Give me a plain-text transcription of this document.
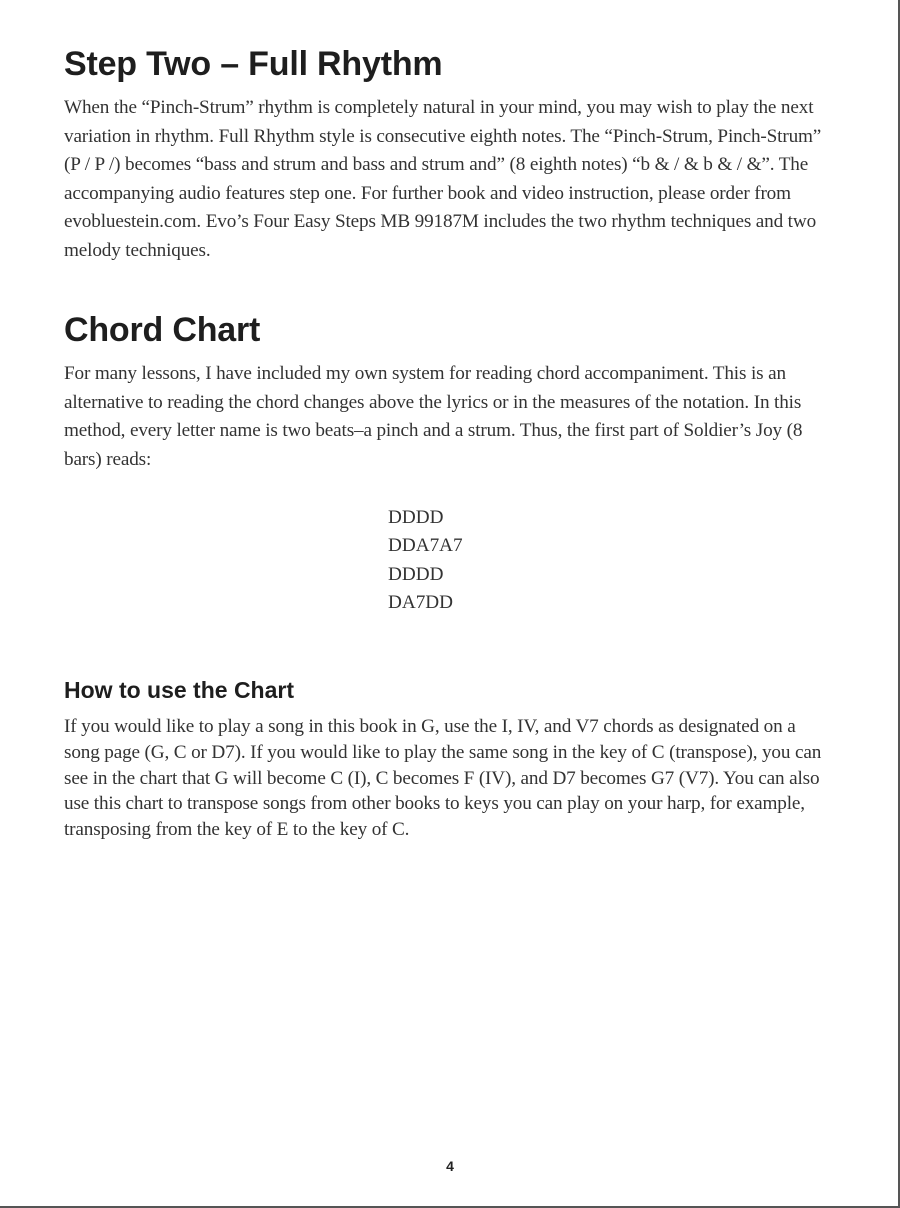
Step Two – Full Rhythm

When the “Pinch-Strum” rhythm is completely natural in your mind, you may wish to play the next variation in rhythm. Full Rhythm style is consecutive eighth notes. The “Pinch-Strum, Pinch-Strum” (P / P /) becomes “bass and strum and bass and strum and” (8 eighth notes) “b & / & b & / &”. The accompanying audio features step one. For further book and video instruction, please order from evobluestein.com. Evo’s Four Easy Steps MB 99187M includes the two rhythm techniques and two melody techniques.

Chord Chart

For many lessons, I have included my own system for reading chord accompaniment. This is an alternative to reading the chord changes above the lyrics or in the measures of the notation. In this method, every letter name is two beats–a pinch and a strum. Thus, the first part of Soldier’s Joy (8 bars) reads:

DDDD
DDA7A7
DDDD
DA7DD
How to use the Chart

If you would like to play a song in this book in G, use the I, IV, and V7 chords as designated on a song page (G, C or D7). If you would like to play the same song in the key of C (transpose), you can see in the chart that G will become C (I), C becomes F (IV), and D7 becomes G7 (V7). You can also use this chart to transpose songs from other books to keys you can play on your harp, for example, transposing from the key of E to the key of C.

4
